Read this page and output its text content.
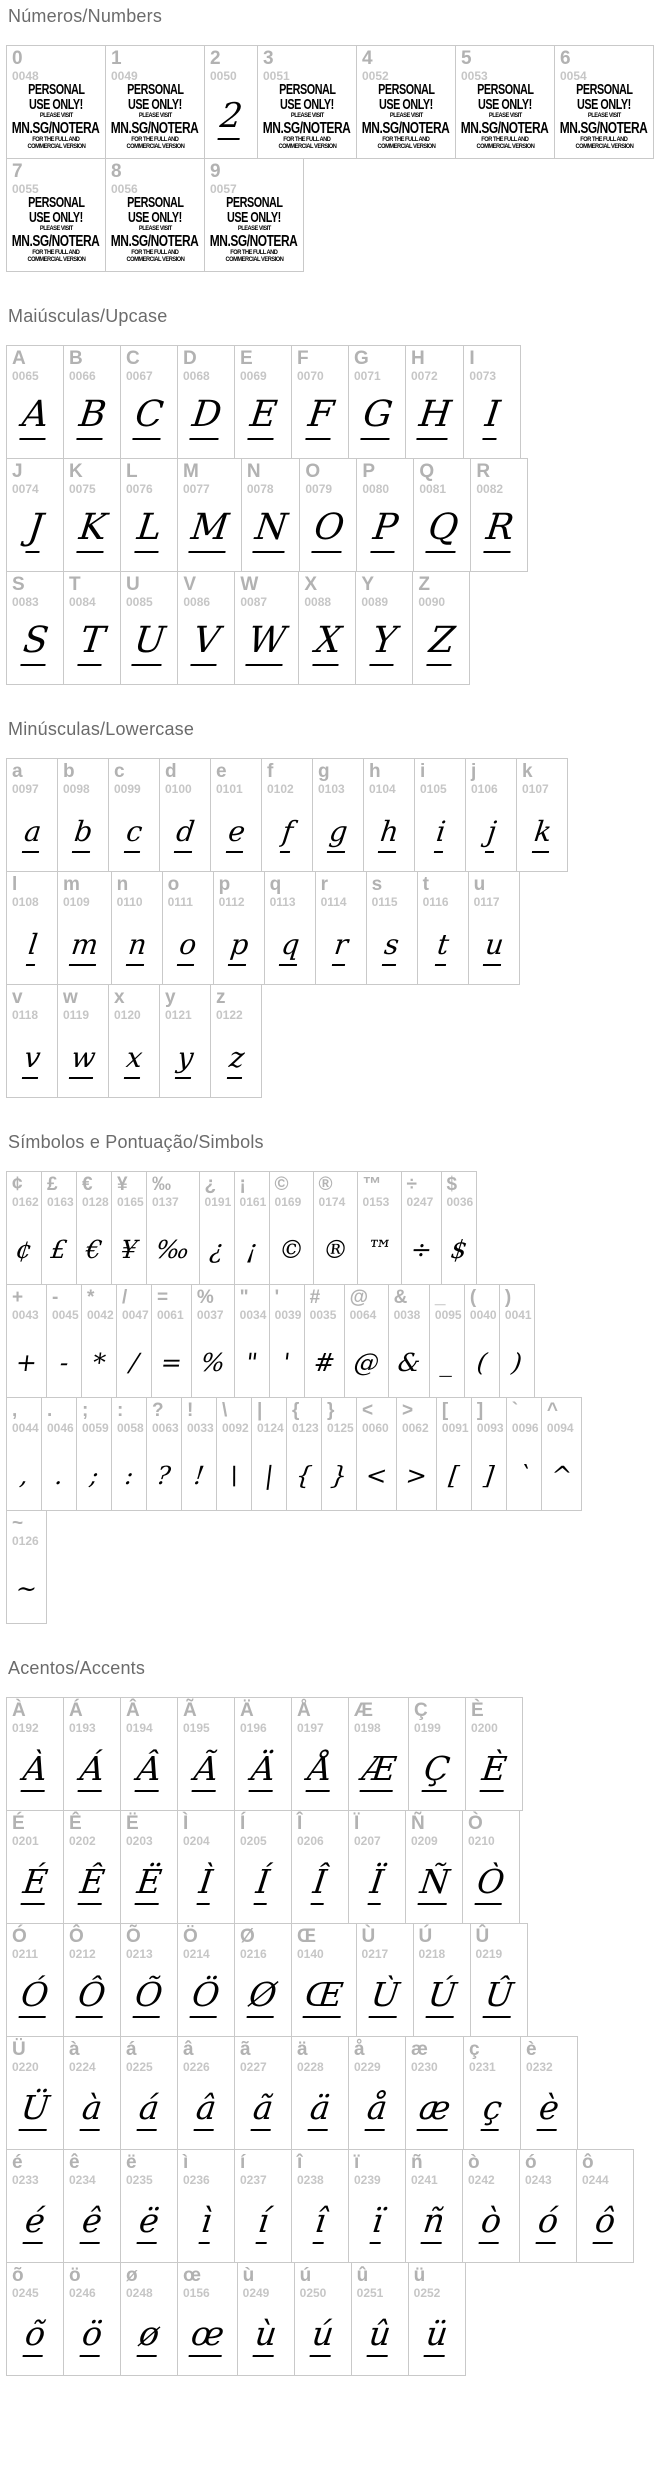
Números/Numbers
0
0048
PERSONAL
USE ONLY!
PLEASE VISIT
MN.SG/NOTERA
FOR THE FULL AND
COMMERCIAL VERSION
1
0049
PERSONAL
USE ONLY!
PLEASE VISIT
MN.SG/NOTERA
FOR THE FULL AND
COMMERCIAL VERSION
2
0050
2
3
0051
PERSONAL
USE ONLY!
PLEASE VISIT
MN.SG/NOTERA
FOR THE FULL AND
COMMERCIAL VERSION
4
0052
PERSONAL
USE ONLY!
PLEASE VISIT
MN.SG/NOTERA
FOR THE FULL AND
COMMERCIAL VERSION
5
0053
PERSONAL
USE ONLY!
PLEASE VISIT
MN.SG/NOTERA
FOR THE FULL AND
COMMERCIAL VERSION
6
0054
PERSONAL
USE ONLY!
PLEASE VISIT
MN.SG/NOTERA
FOR THE FULL AND
COMMERCIAL VERSION
7
0055
PERSONAL
USE ONLY!
PLEASE VISIT
MN.SG/NOTERA
FOR THE FULL AND
COMMERCIAL VERSION
8
0056
PERSONAL
USE ONLY!
PLEASE VISIT
MN.SG/NOTERA
FOR THE FULL AND
COMMERCIAL VERSION
9
0057
PERSONAL
USE ONLY!
PLEASE VISIT
MN.SG/NOTERA
FOR THE FULL AND
COMMERCIAL VERSION
Maiúsculas/Upcase
A
0065
A
B
0066
B
C
0067
C
D
0068
D
E
0069
E
F
0070
F
G
0071
G
H
0072
H
I
0073
I
J
0074
J
K
0075
K
L
0076
L
M
0077
M
N
0078
N
O
0079
O
P
0080
P
Q
0081
Q
R
0082
R
S
0083
S
T
0084
T
U
0085
U
V
0086
V
W
0087
W
X
0088
X
Y
0089
Y
Z
0090
Z
Minúsculas/Lowercase
a
0097
a
b
0098
b
c
0099
c
d
0100
d
e
0101
e
f
0102
f
g
0103
g
h
0104
h
i
0105
i
j
0106
j
k
0107
k
l
0108
l
m
0109
m
n
0110
n
o
0111
o
p
0112
p
q
0113
q
r
0114
r
s
0115
s
t
0116
t
u
0117
u
v
0118
v
w
0119
w
x
0120
x
y
0121
y
z
0122
z
Símbolos e Pontuação/Simbols
¢
0162
¢
£
0163
£
€
0128
€
¥
0165
¥
‰
0137
‰
¿
0191
¿
¡
0161
¡
©
0169
©
®
0174
®
™
0153
™
÷
0247
÷
$
0036
$
+
0043
+
-
0045
-
*
0042
*
/
0047
/
=
0061
=
%
0037
%
"
0034
"
'
0039
'
#
0035
#
@
0064
@
&
0038
&
_
0095
_
(
0040
(
)
0041
)
,
0044
,
.
0046
.
;
0059
;
:
0058
:
?
0063
?
!
0033
!
\
0092
\
|
0124
|
{
0123
{
}
0125
}
<
0060
<
>
0062
>
[
0091
[
]
0093
]
`
0096
`
^
0094
^
~
0126
~
Acentos/Accents
À
0192
À
Á
0193
Á
Â
0194
Â
Ã
0195
Ã
Ä
0196
Ä
Å
0197
Å
Æ
0198
Æ
Ç
0199
Ç
È
0200
È
É
0201
É
Ê
0202
Ê
Ë
0203
Ë
Ì
0204
Ì
Í
0205
Í
Î
0206
Î
Ï
0207
Ï
Ñ
0209
Ñ
Ò
0210
Ò
Ó
0211
Ó
Ô
0212
Ô
Õ
0213
Õ
Ö
0214
Ö
Ø
0216
Ø
Œ
0140
Œ
Ù
0217
Ù
Ú
0218
Ú
Û
0219
Û
Ü
0220
Ü
à
0224
à
á
0225
á
â
0226
â
ã
0227
ã
ä
0228
ä
å
0229
å
æ
0230
æ
ç
0231
ç
è
0232
è
é
0233
é
ê
0234
ê
ë
0235
ë
ì
0236
ì
í
0237
í
î
0238
î
ï
0239
ï
ñ
0241
ñ
ò
0242
ò
ó
0243
ó
ô
0244
ô
õ
0245
õ
ö
0246
ö
ø
0248
ø
œ
0156
œ
ù
0249
ù
ú
0250
ú
û
0251
û
ü
0252
ü
